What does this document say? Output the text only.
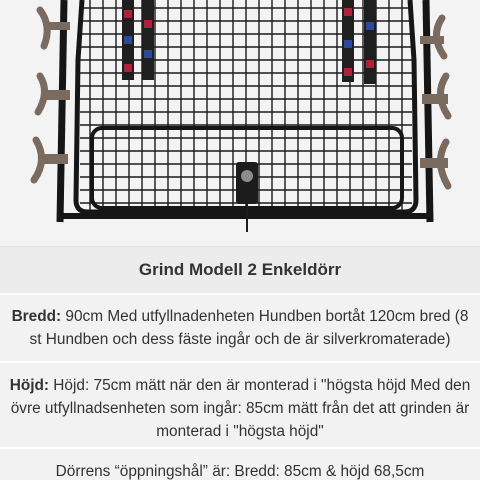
Grind Modell 2 Enkeldörr
Bredd: 90cm Med utfyllnadenheten Hundben bortåt 120cm bred (8 st Hundben och dess fäste ingår och de är silverkromaterade)
Höjd: Höjd: 75cm mätt när den är monterad i "högsta höjd Med den övre utfyllnadsenheten som ingår: 85cm mätt från det att grinden är monterad i "högsta höjd"
Dörrens “öppningshål” är: Bredd: 85cm & höjd 68,5cm
